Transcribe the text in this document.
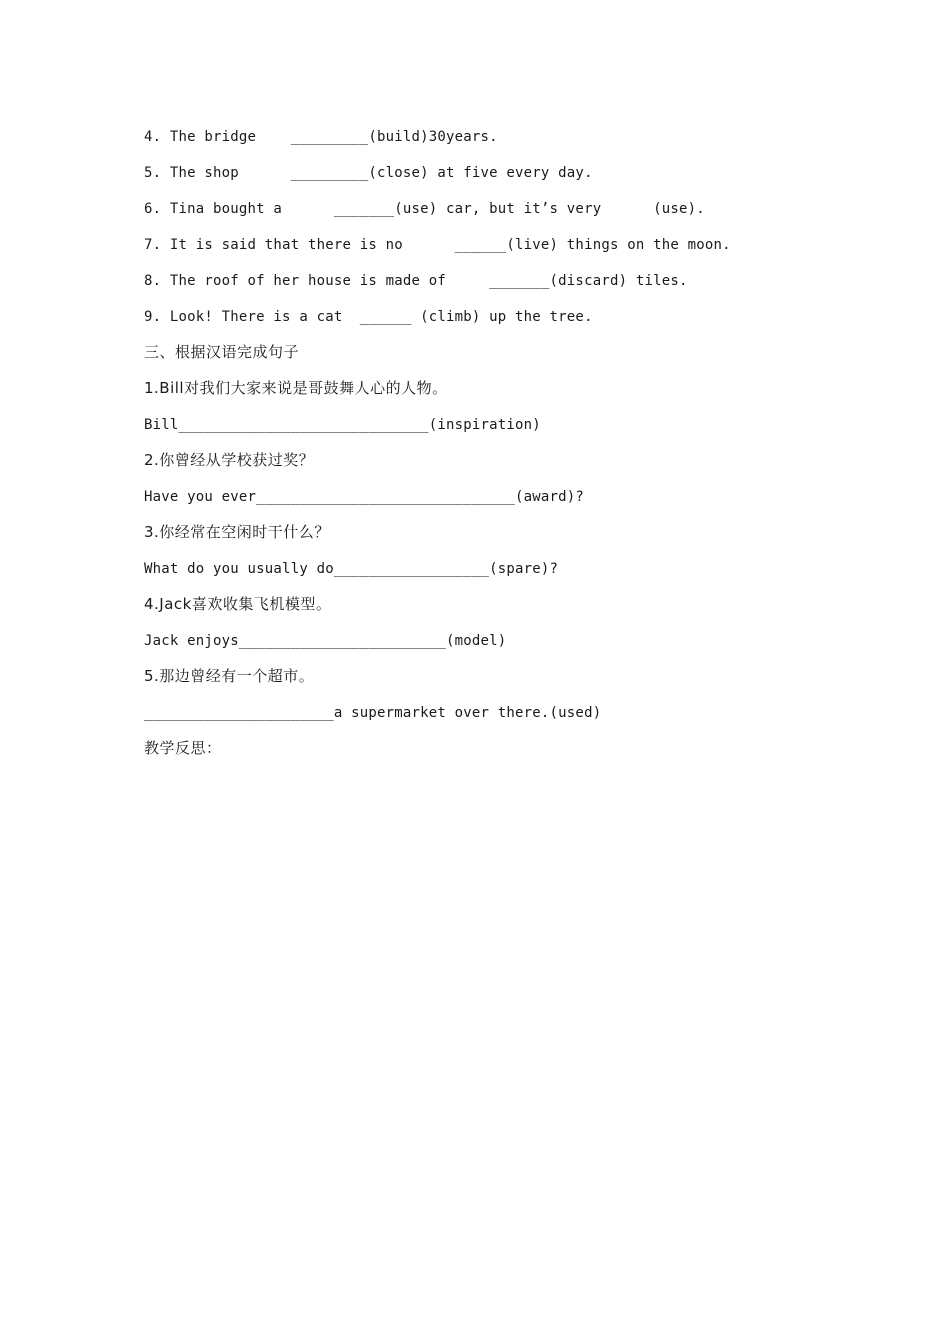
4. The bridge    _________(build)30years.
5. The shop      _________(close) at five every day.
6. Tina bought a      _______(use) car, but it’s very      (use).
7. It is said that there is no      ______(live) things on the moon.
8. The roof of her house is made of     _______(discard) tiles.
9. Look! There is a cat  ______ (climb) up the tree.
三、根据汉语完成句子
1.Bill对我们大家来说是哥鼓舞人心的人物。
Bill_____________________________(inspiration)
2.你曾经从学校获过奖？
Have you ever______________________________(award)?
3.你经常在空闲时干什么？
What do you usually do__________________(spare)?
4.Jack喜欢收集飞机模型。
Jack enjoys________________________(model)
5.那边曾经有一个超市。
______________________a supermarket over there.(used)
教学反思：
